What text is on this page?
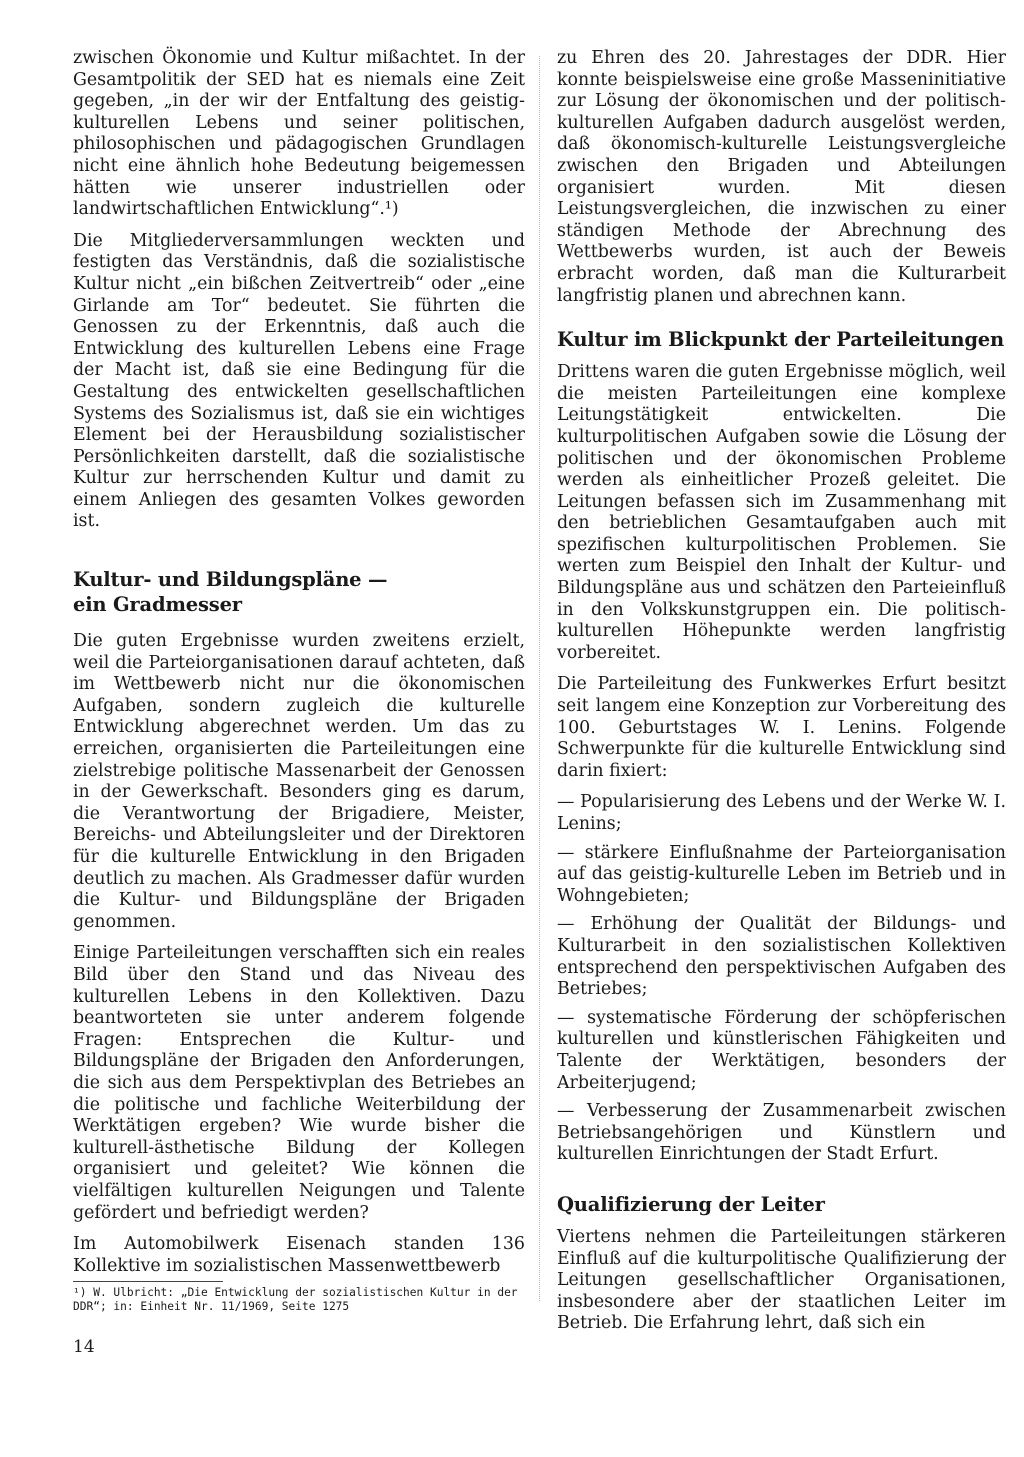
zwischen Ökonomie und Kultur mißachtet. In der Gesamtpolitik der SED hat es niemals eine Zeit gegeben, „in der wir der Entfaltung des geistig-kulturellen Lebens und seiner politischen, philosophischen und pädagogischen Grundlagen nicht eine ähnlich hohe Bedeutung beigemessen hätten wie unserer industriellen oder landwirtschaftlichen Entwicklung“.¹)

Die Mitgliederversammlungen weckten und festigten das Verständnis, daß die sozialistische Kultur nicht „ein bißchen Zeitvertreib“ oder „eine Girlande am Tor“ bedeutet. Sie führten die Genossen zu der Erkenntnis, daß auch die Entwicklung des kulturellen Lebens eine Frage der Macht ist, daß sie eine Bedingung für die Gestaltung des entwickelten gesellschaftlichen Systems des Sozialismus ist, daß sie ein wichtiges Element bei der Herausbildung sozialistischer Persönlichkeiten darstellt, daß die sozialistische Kultur zur herrschenden Kultur und damit zu einem Anliegen des gesamten Volkes geworden ist.

Kultur- und Bildungspläne —
ein Gradmesser

Die guten Ergebnisse wurden zweitens erzielt, weil die Parteiorganisationen darauf achteten, daß im Wettbewerb nicht nur die ökonomischen Aufgaben, sondern zugleich die kulturelle Entwicklung abgerechnet werden. Um das zu erreichen, organisierten die Parteileitungen eine zielstrebige politische Massenarbeit der Genossen in der Gewerkschaft. Besonders ging es darum, die Verantwortung der Brigadiere, Meister, Bereichs- und Abteilungsleiter und der Direktoren für die kulturelle Entwicklung in den Brigaden deutlich zu machen. Als Gradmesser dafür wurden die Kultur- und Bildungspläne der Brigaden genommen.

Einige Parteileitungen verschafften sich ein reales Bild über den Stand und das Niveau des kulturellen Lebens in den Kollektiven. Dazu beantworteten sie unter anderem folgende Fragen: Entsprechen die Kultur- und Bildungspläne der Brigaden den Anforderungen, die sich aus dem Perspektivplan des Betriebes an die politische und fachliche Weiterbildung der Werktätigen ergeben? Wie wurde bisher die kulturell-ästhetische Bildung der Kollegen organisiert und geleitet? Wie können die vielfältigen kulturellen Neigungen und Talente gefördert und befriedigt werden?

Im Automobilwerk Eisenach standen 136 Kollektive im sozialistischen Massenwettbewerb

¹) W. Ulbricht: „Die Entwicklung der sozialistischen Kultur in der DDR“; in: Einheit Nr. 11/1969, Seite 1275

zu Ehren des 20. Jahrestages der DDR. Hier konnte beispielsweise eine große Masseninitiative zur Lösung der ökonomischen und der politisch-kulturellen Aufgaben dadurch ausgelöst werden, daß ökonomisch-kulturelle Leistungsvergleiche zwischen den Brigaden und Abteilungen organisiert wurden. Mit diesen Leistungsvergleichen, die inzwischen zu einer ständigen Methode der Abrechnung des Wettbewerbs wurden, ist auch der Beweis erbracht worden, daß man die Kulturarbeit langfristig planen und abrechnen kann.

Kultur im Blickpunkt der Parteileitungen

Drittens waren die guten Ergebnisse möglich, weil die meisten Parteileitungen eine komplexe Leitungstätigkeit entwickelten. Die kulturpolitischen Aufgaben sowie die Lösung der politischen und der ökonomischen Probleme werden als einheitlicher Prozeß geleitet. Die Leitungen befassen sich im Zusammenhang mit den betrieblichen Gesamtaufgaben auch mit spezifischen kulturpolitischen Problemen. Sie werten zum Beispiel den Inhalt der Kultur- und Bildungspläne aus und schätzen den Parteieinfluß in den Volkskunstgruppen ein. Die politisch-kulturellen Höhepunkte werden langfristig vorbereitet.

Die Parteileitung des Funkwerkes Erfurt besitzt seit langem eine Konzeption zur Vorbereitung des 100. Geburtstages W. I. Lenins. Folgende Schwerpunkte für die kulturelle Entwicklung sind darin fixiert:

— Popularisierung des Lebens und der Werke W. I. Lenins;
— stärkere Einflußnahme der Parteiorganisation auf das geistig-kulturelle Leben im Betrieb und in Wohngebieten;
— Erhöhung der Qualität der Bildungs- und Kulturarbeit in den sozialistischen Kollektiven entsprechend den perspektivischen Aufgaben des Betriebes;
— systematische Förderung der schöpferischen kulturellen und künstlerischen Fähigkeiten und Talente der Werktätigen, besonders der Arbeiterjugend;
— Verbesserung der Zusammenarbeit zwischen Betriebsangehörigen und Künstlern und kulturellen Einrichtungen der Stadt Erfurt.
Qualifizierung der Leiter

Viertens nehmen die Parteileitungen stärkeren Einfluß auf die kulturpolitische Qualifizierung der Leitungen gesellschaftlicher Organisationen, insbesondere aber der staatlichen Leiter im Betrieb. Die Erfahrung lehrt, daß sich ein

14
